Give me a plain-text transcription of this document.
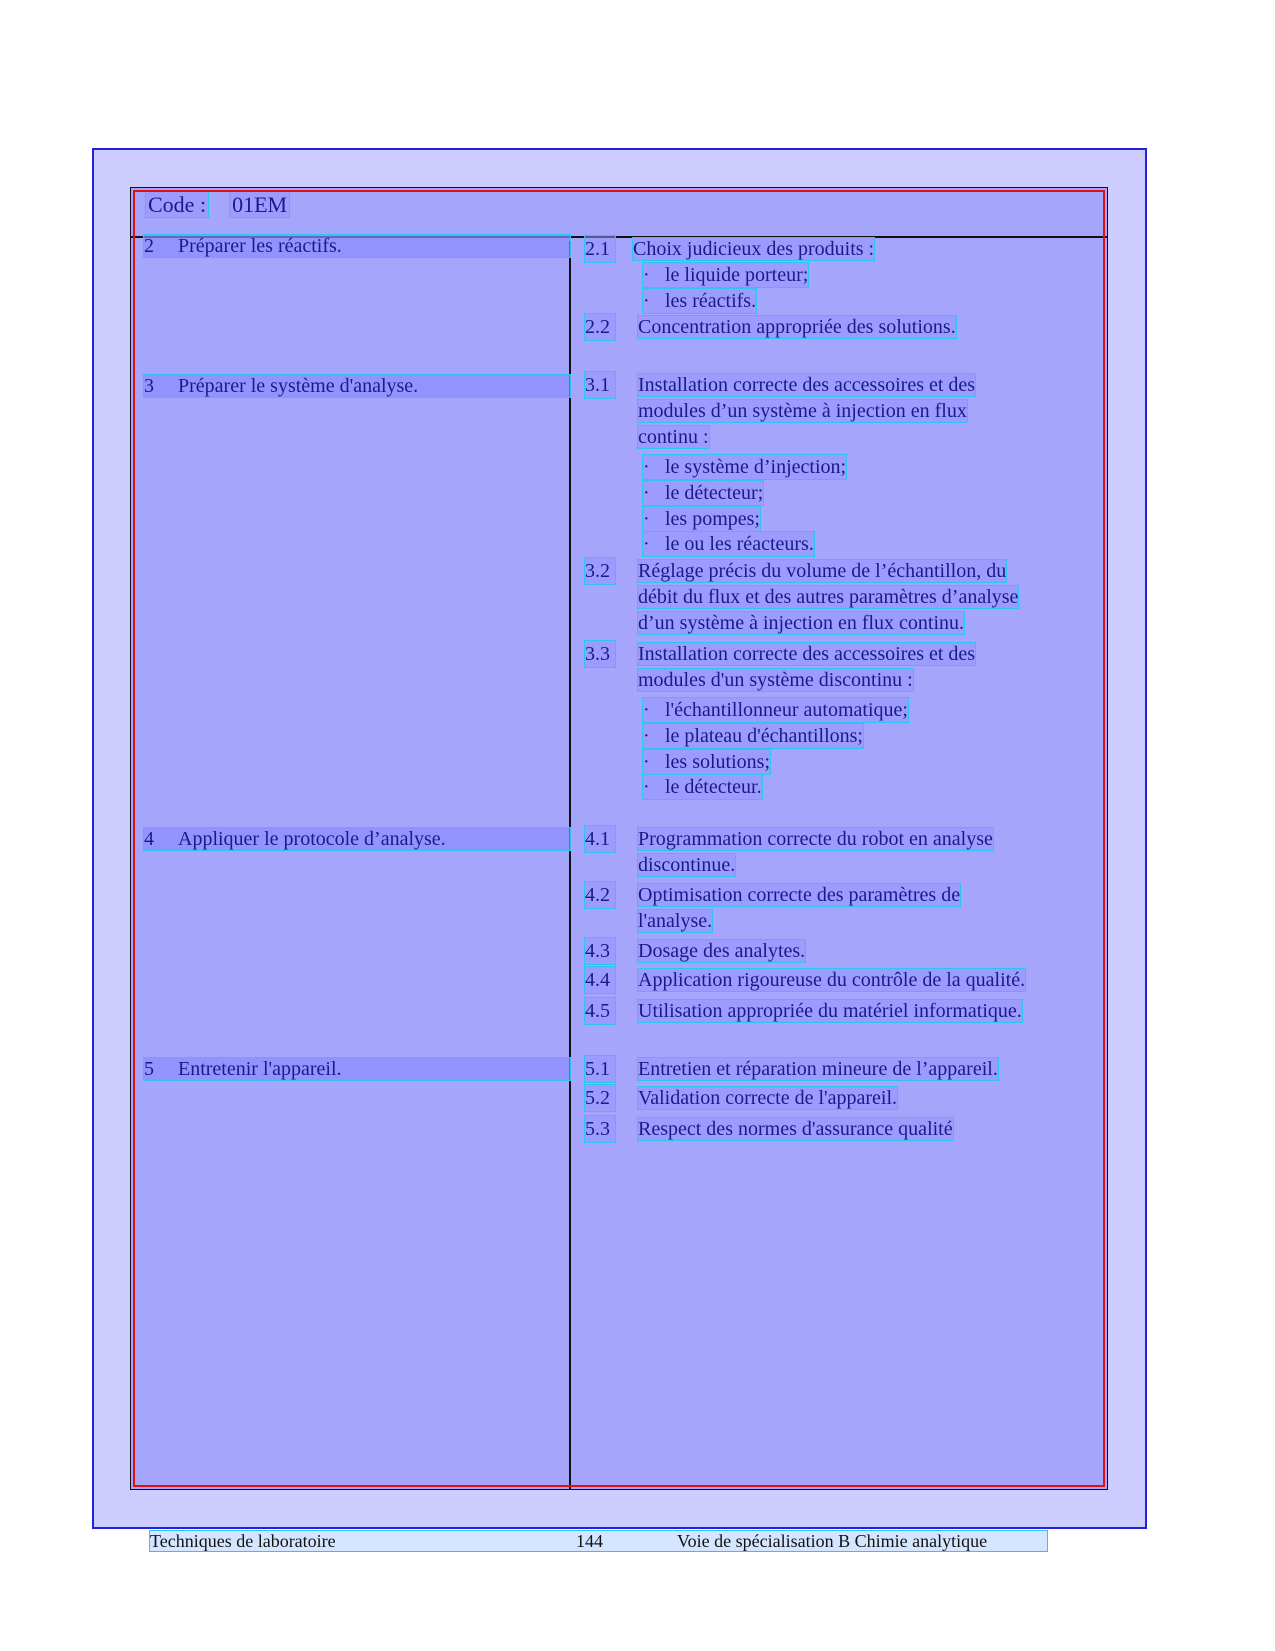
Code : 01EM
2 Préparer les réactifs.
3 Préparer le système d'analyse.
4 Appliquer le protocole d’analyse.
5 Entretenir l'appareil.
2.1 Choix judicieux des produits :
· le liquide porteur;
· les réactifs.
2.2 Concentration appropriée des solutions.
3.1 Installation correcte des accessoires et des
modules d’un système à injection en flux
continu :
· le système d’injection;
· le détecteur;
· les pompes;
· le ou les réacteurs.
3.2 Réglage précis du volume de l’échantillon, du
débit du flux et des autres paramètres d’analyse
d’un système à injection en flux continu.
3.3 Installation correcte des accessoires et des
modules d'un système discontinu :
· l'échantillonneur automatique;
· le plateau d'échantillons;
· les solutions;
· le détecteur.
4.1 Programmation correcte du robot en analyse
discontinue.
4.2 Optimisation correcte des paramètres de
l'analyse.
4.3 Dosage des analytes.
4.4 Application rigoureuse du contrôle de la qualité.
4.5 Utilisation appropriée du matériel informatique.
5.1 Entretien et réparation mineure de l’appareil.
5.2 Validation correcte de l'appareil.
5.3 Respect des normes d'assurance qualité
Techniques de laboratoire	144	Voie de spécialisation B Chimie analytique
